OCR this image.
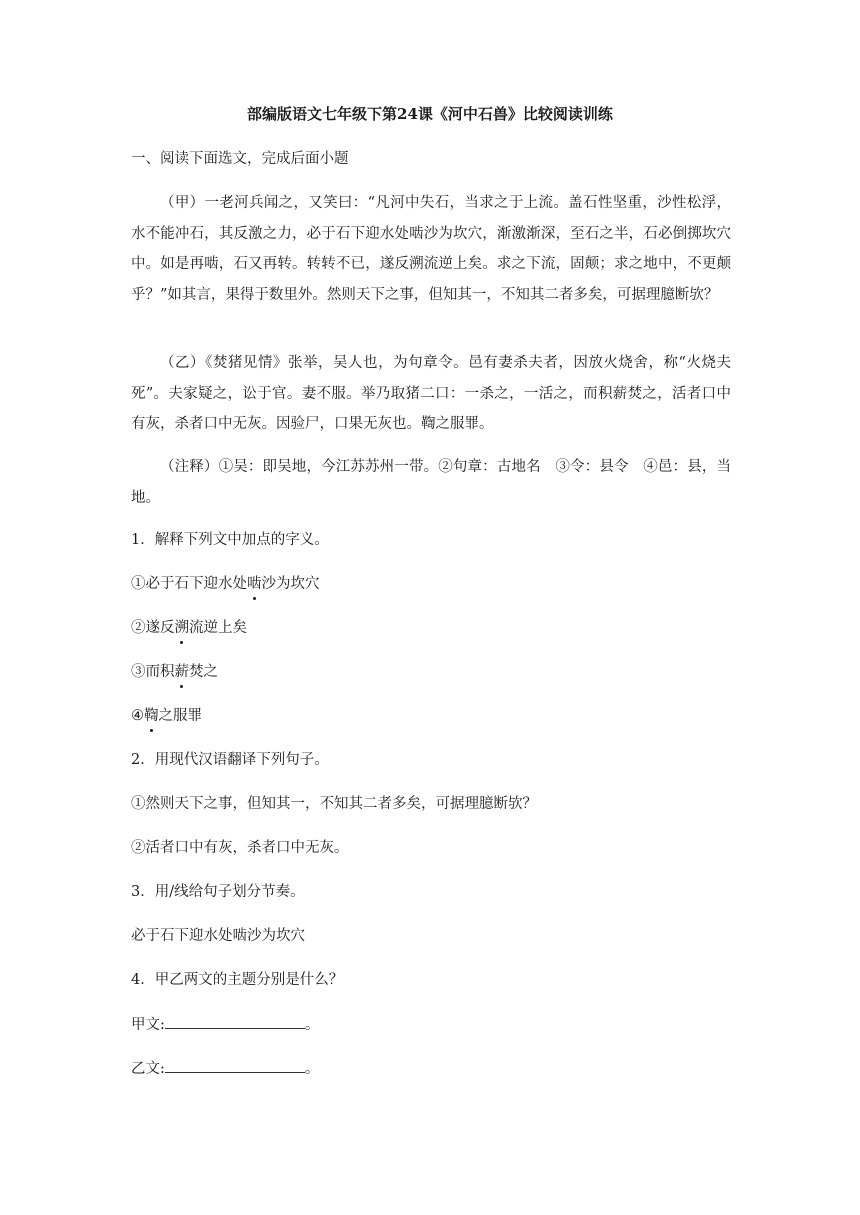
部编版语文七年级下第24课《河中石兽》比较阅读训练
一、阅读下面选文，完成后面小题
（甲）一老河兵闻之，又笑曰：“凡河中失石，当求之于上流。盖石性坚重，沙性松浮，水不能冲石，其反激之力，必于石下迎水处啮沙为坎穴，渐激渐深，至石之半，石必倒掷坎穴中。如是再啮，石又再转。转转不已，遂反溯流逆上矣。求之下流，固颠；求之地中，不更颠乎？”如其言，果得于数里外。然则天下之事，但知其一，不知其二者多矣，可据理臆断欤？
（乙）《焚猪见情》张举，吴人也，为句章令。邑有妻杀夫者，因放火烧舍，称“火烧夫死”。夫家疑之，讼于官。妻不服。举乃取猪二口：一杀之，一活之，而积薪焚之，活者口中有灰，杀者口中无灰。因验尸，口果无灰也。鞫之服罪。
（注释）①吴：即吴地，今江苏苏州一带。②句章：古地名　③令：县令　④邑：县，当地。
1．解释下列文中加点的字义。
①必于石下迎水处啮沙为坎穴
②遂反溯流逆上矣
③而积薪焚之
④鞫之服罪
2．用现代汉语翻译下列句子。
①然则天下之事，但知其一，不知其二者多矣，可据理臆断欤？
②活者口中有灰，杀者口中无灰。
3．用/线给句子划分节奏。
必于石下迎水处啮沙为坎穴
4．甲乙两文的主题分别是什么？
甲文:	。
乙文:	。
